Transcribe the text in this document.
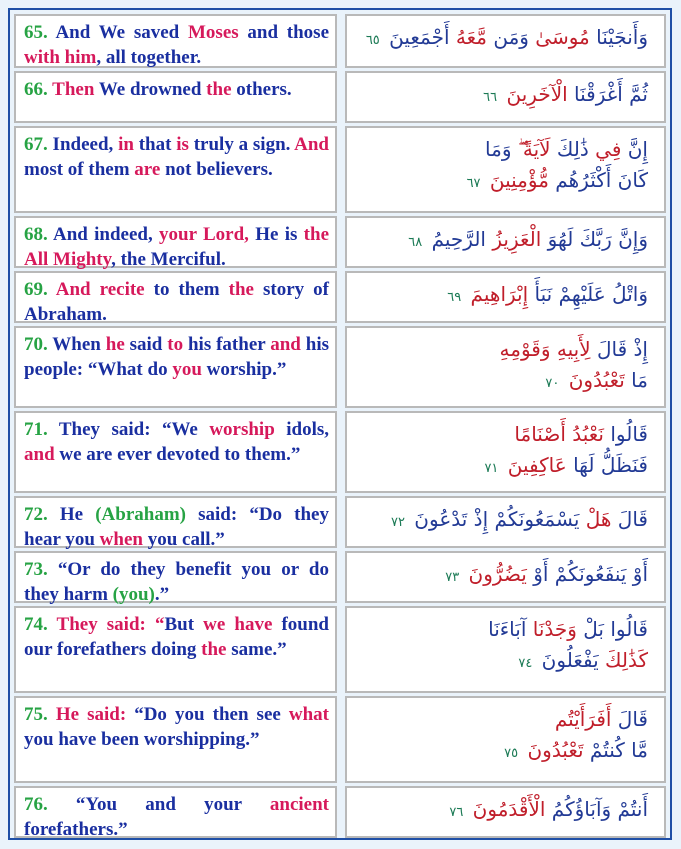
65. And We saved Moses and those with him, all together.
وَأَنجَيْنَا مُوسَىٰ وَمَن مَّعَهُ أَجْمَعِينَ ٦٥
66. Then We drowned the others.	ثُمَّ أَغْرَقْنَا الْآخَرِينَ ٦٦
67. Indeed, in that is truly a sign. And most of them are not believers.
إِنَّ فِي ذَٰلِكَ لَآيَةً ۖ وَمَا
كَانَ أَكْثَرُهُم مُّؤْمِنِينَ ٦٧
68. And indeed, your Lord, He is the All Mighty, the Merciful.
وَإِنَّ رَبَّكَ لَهُوَ الْعَزِيزُ الرَّحِيمُ ٦٨
69. And recite to them the story of Abraham.
وَاتْلُ عَلَيْهِمْ نَبَأَ إِبْرَاهِيمَ ٦٩
70. When he said to his father and his people: “What do you worship.”
إِذْ قَالَ لِأَبِيهِ وَقَوْمِهِ
مَا تَعْبُدُونَ ٧٠
71. They said: “We worship idols, and we are ever devoted to them.”
قَالُوا نَعْبُدُ أَصْنَامًا
فَنَظَلُّ لَهَا عَاكِفِينَ ٧١
72. He (Abraham) said: “Do they hear you when you call.”
قَالَ هَلْ يَسْمَعُونَكُمْ إِذْ تَدْعُونَ ٧٢
73. “Or do they benefit you or do they harm (you).”
أَوْ يَنفَعُونَكُمْ أَوْ يَضُرُّونَ ٧٣
74. They said: “But we have found our forefathers doing the same.”
قَالُوا بَلْ وَجَدْنَا آبَاءَنَا
كَذَٰلِكَ يَفْعَلُونَ ٧٤
75. He said: “Do you then see what you have been worshipping.”
قَالَ أَفَرَأَيْتُم
مَّا كُنتُمْ تَعْبُدُونَ ٧٥
76. “You and your ancient forefathers.”
أَنتُمْ وَآبَاؤُكُمُ الْأَقْدَمُونَ ٧٦
